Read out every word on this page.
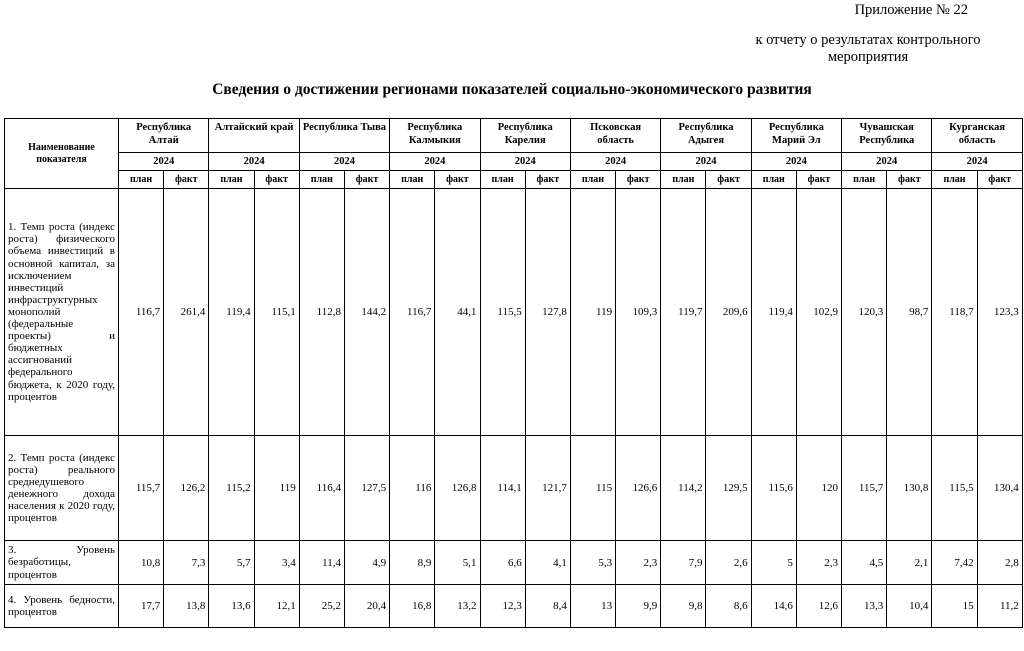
Приложение № 22
к отчету о результатах контрольного мероприятия
Сведения о достижении регионами показателей социально-экономического развития
Наименование показателя	Республика Алтай		Алтайский край		Республика Тыва		Республика Калмыкия		Республика Карелия		Псковская область		Республика Адыгея		Республика Марий Эл		Чувашская Республика		Курганская область	
	2024		2024		2024		2024		2024		2024		2024		2024		2024		2024	
	план	факт	план	факт	план	факт	план	факт	план	факт	план	факт	план	факт	план	факт	план	факт	план	факт
1. Темп роста (индекс роста) физического объема инвестиций в основной капитал, за исключением инвестиций инфраструктурных монополий (федеральные проекты) и бюджетных ассигнований федерального бюджета, к 2020 году, процентов	116,7	261,4	119,4	115,1	112,8	144,2	116,7	44,1	115,5	127,8	119	109,3	119,7	209,6	119,4	102,9	120,3	98,7	118,7	123,3
2. Темп роста (индекс роста) реального среднедушевого денежного дохода населения к 2020 году, процентов	115,7	126,2	115,2	119	116,4	127,5	116	126,8	114,1	121,7	115	126,6	114,2	129,5	115,6	120	115,7	130,8	115,5	130,4
3. Уровень безработицы, процентов	10,8	7,3	5,7	3,4	11,4	4,9	8,9	5,1	6,6	4,1	5,3	2,3	7,9	2,6	5	2,3	4,5	2,1	7,42	2,8
4. Уровень бедности, процентов	17,7	13,8	13,6	12,1	25,2	20,4	16,8	13,2	12,3	8,4	13	9,9	9,8	8,6	14,6	12,6	13,3	10,4	15	11,2
